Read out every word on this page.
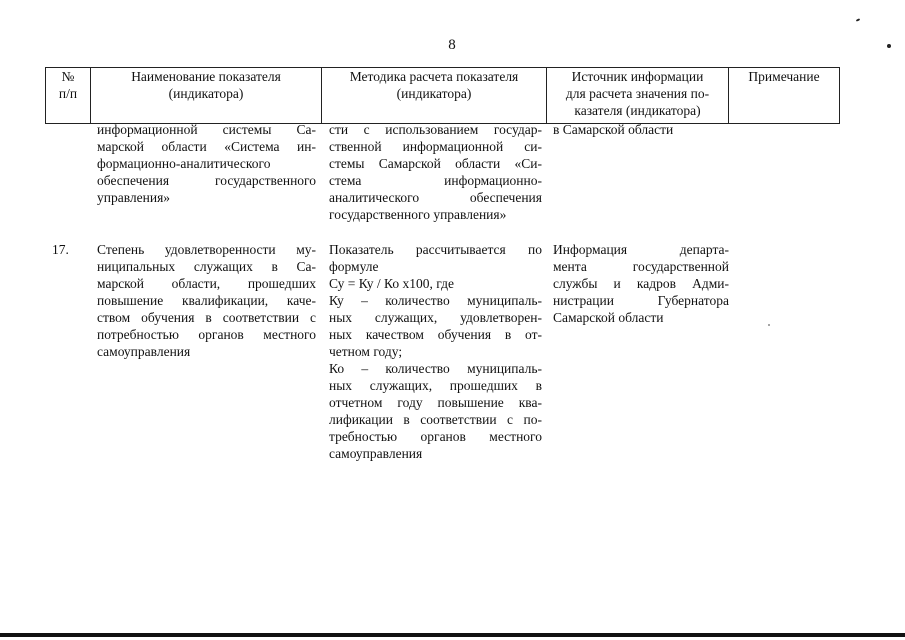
8
№
п/п
Наименование показателя
(индикатора)
Методика расчета показателя
(индикатора)
Источник информации
для расчета значения по-
казателя (индикатора)
Примечание
информационной системы Са-
марской области «Система ин-
формационно-аналитического
обеспечения государственного
управления»
сти с использованием государ-
ственной информационной си-
стемы Самарской области «Си-
стема информационно-
аналитического обеспечения
государственного управления»
в Самарской области
17.	Степень удовлетворенности му-
ниципальных служащих в Са-
марской области, прошедших
повышение квалификации, каче-
ством обучения в соответствии с
потребностью органов местного
самоуправления
Показатель рассчитывается по
формуле
Су = Ку / Ко х100, где
Ку – количество муниципаль-
ных служащих, удовлетворен-
ных качеством обучения в от-
четном году;
Ко – количество муниципаль-
ных служащих, прошедших в
отчетном году повышение ква-
лификации в соответствии с по-
требностью органов местного
самоуправления
Информация департа-
мента государственной
службы и кадров Адми-
нистрации Губернатора
Самарской области
